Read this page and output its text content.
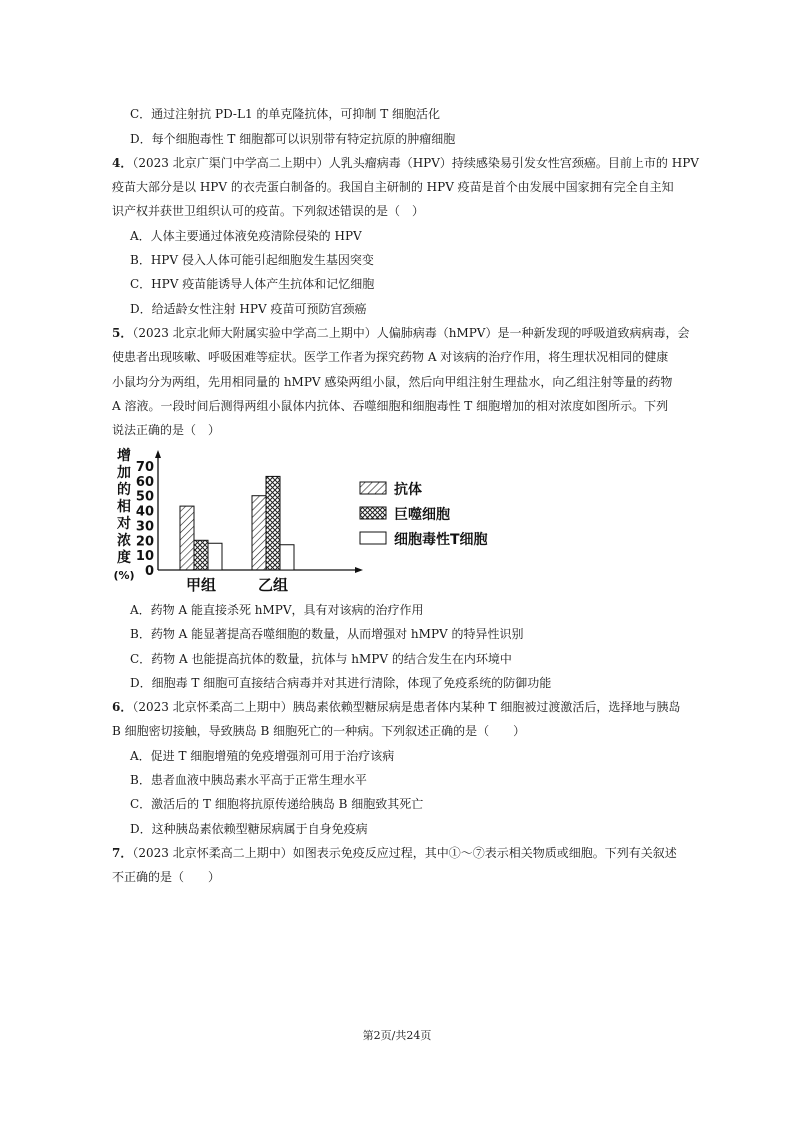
C．通过注射抗 PD-L1 的单克隆抗体，可抑制 T 细胞活化
D．每个细胞毒性 T 细胞都可以识别带有特定抗原的肿瘤细胞
4．（2023 北京广渠门中学高二上期中）人乳头瘤病毒（HPV）持续感染易引发女性宫颈癌。目前上市的 HPV
疫苗大部分是以 HPV 的衣壳蛋白制备的。我国自主研制的 HPV 疫苗是首个由发展中国家拥有完全自主知
识产权并获世卫组织认可的疫苗。下列叙述错误的是（　）
A．人体主要通过体液免疫清除侵染的 HPV
B．HPV 侵入人体可能引起细胞发生基因突变
C．HPV 疫苗能诱导人体产生抗体和记忆细胞
D．给适龄女性注射 HPV 疫苗可预防宫颈癌
5．（2023 北京北师大附属实验中学高二上期中）人偏肺病毒（hMPV）是一种新发现的呼吸道致病病毒，会
使患者出现咳嗽、呼吸困难等症状。医学工作者为探究药物 A 对该病的治疗作用，将生理状况相同的健康
小鼠均分为两组，先用相同量的 hMPV 感染两组小鼠，然后向甲组注射生理盐水，向乙组注射等量的药物
A 溶液。一段时间后测得两组小鼠体内抗体、吞噬细胞和细胞毒性 T 细胞增加的相对浓度如图所示。下列
说法正确的是（　）
增
加
的
相
对
浓
度
(%) 0
10
20
30
40
50
60
70
甲组	乙组
抗体
巨噬细胞
细胞毒性T细胞
A．药物 A 能直接杀死 hMPV，具有对该病的治疗作用
B．药物 A 能显著提高吞噬细胞的数量，从而增强对 hMPV 的特异性识别
C．药物 A 也能提高抗体的数量，抗体与 hMPV 的结合发生在内环境中
D．细胞毒 T 细胞可直接结合病毒并对其进行清除，体现了免疫系统的防御功能
6．（2023 北京怀柔高二上期中）胰岛素依赖型糖尿病是患者体内某种 T 细胞被过渡激活后，选择地与胰岛
B 细胞密切接触，导致胰岛 B 细胞死亡的一种病。下列叙述正确的是（　　）
A．促进 T 细胞增殖的免疫增强剂可用于治疗该病
B．患者血液中胰岛素水平高于正常生理水平
C．激活后的 T 细胞将抗原传递给胰岛 B 细胞致其死亡
D．这种胰岛素依赖型糖尿病属于自身免疫病
7．（2023 北京怀柔高二上期中）如图表示免疫反应过程，其中①～⑦表示相关物质或细胞。下列有关叙述
不正确的是（　　）
第2页/共24页
